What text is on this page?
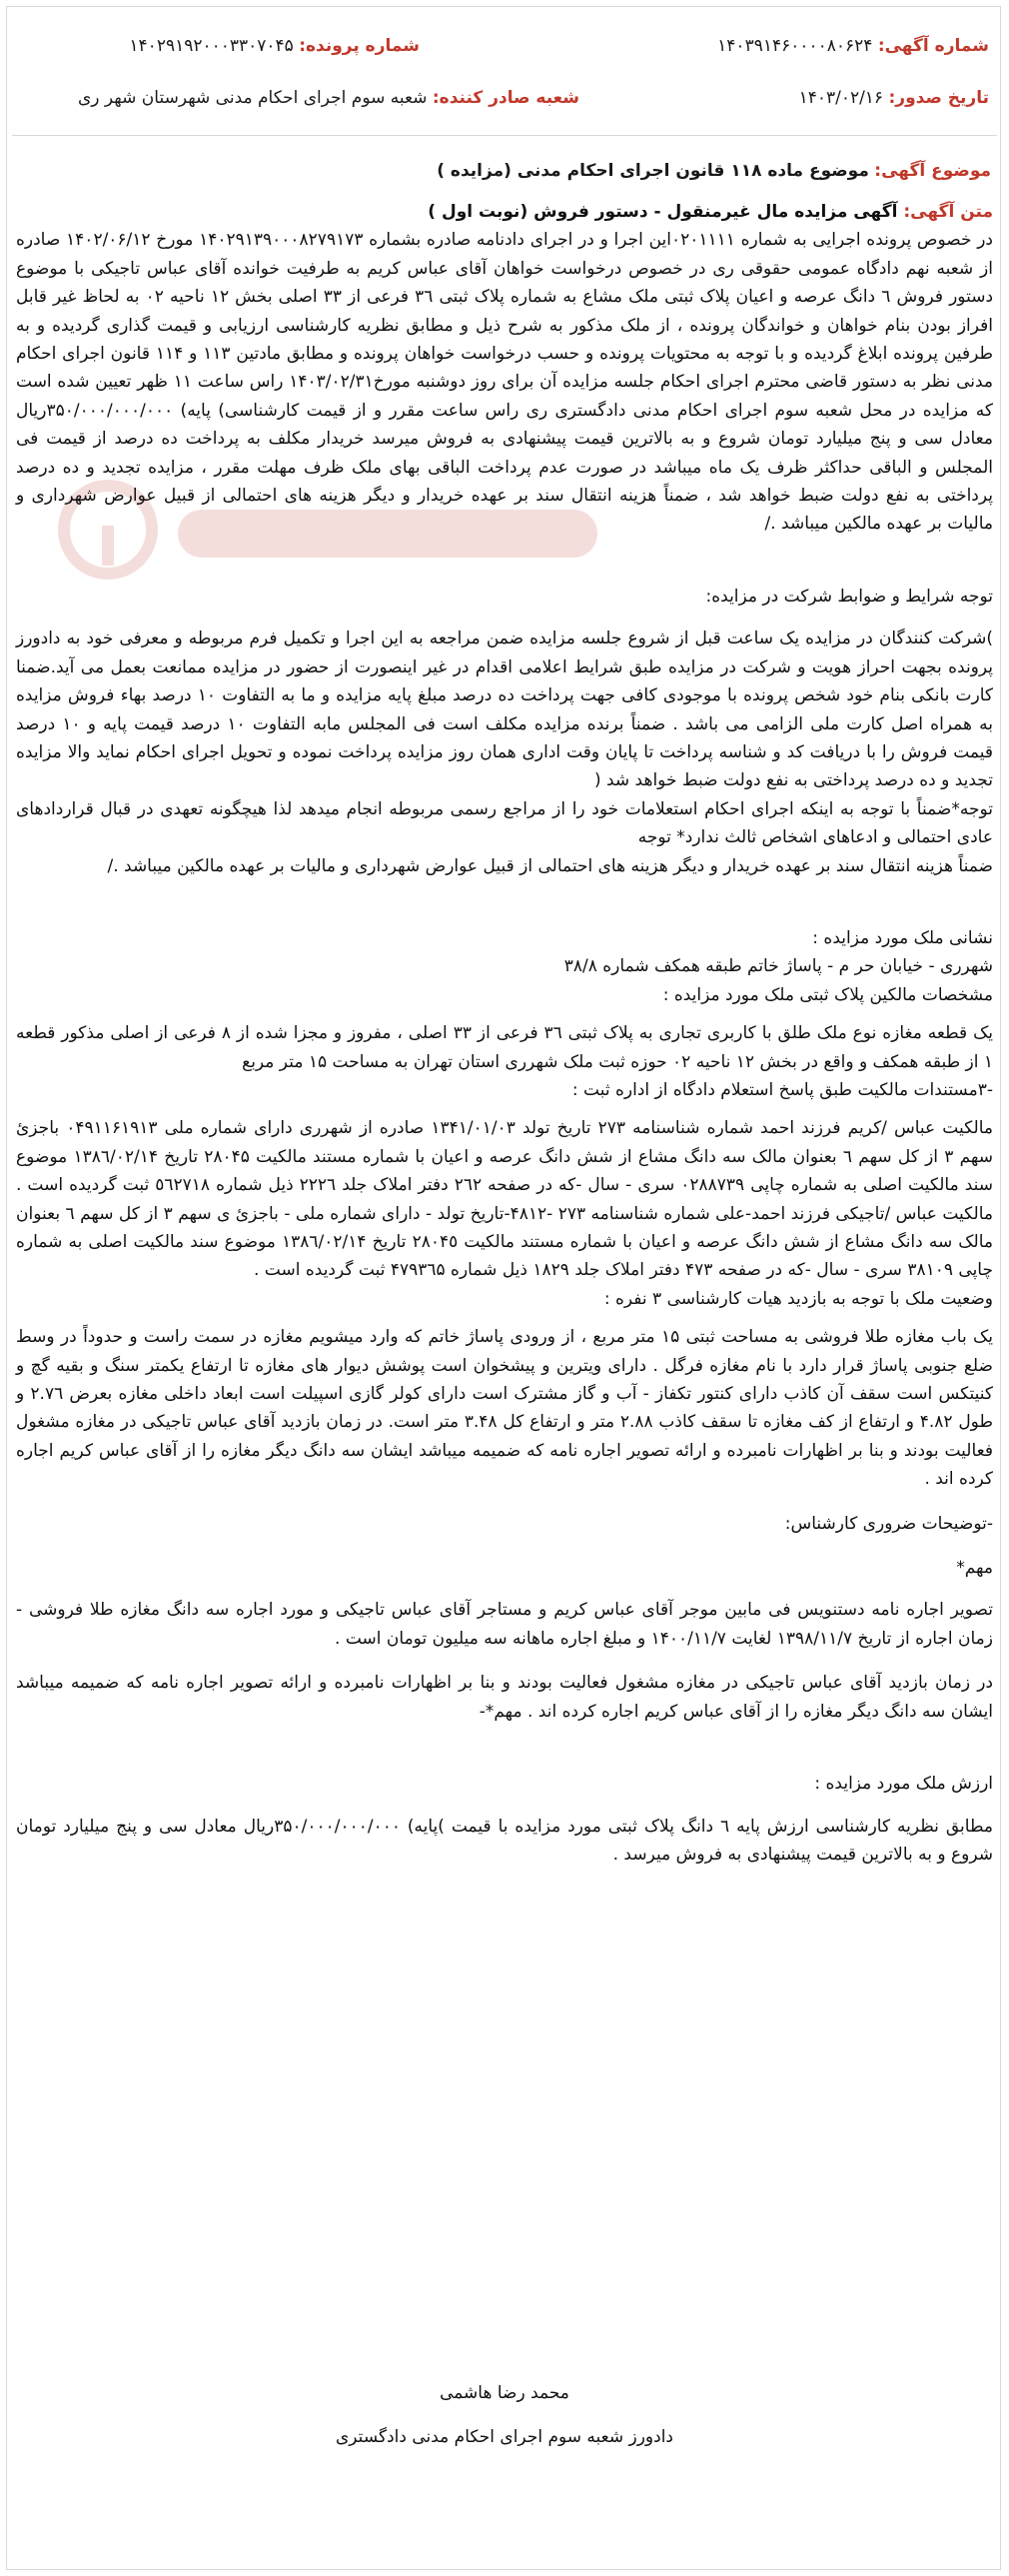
شماره آگهی: ۱۴۰۳۹۱۴۶۰۰۰۰۸۰۶۲۴
شماره پرونده: ۱۴۰۲۹۱۹۲۰۰۰۳۳۰۷۰۴۵
تاریخ صدور: ۱۴۰۳/۰۲/۱۶
شعبه صادر کننده: شعبه سوم اجرای احکام مدنی شهرستان شهر ری
موضوع آگهی: موضوع ماده ۱۱۸ قانون اجرای احکام مدنی (مزایده )

متن آگهی: آگهی مزایده مال غیرمنقول - دستور فروش (نوبت اول )

در خصوص پرونده اجرایی به شماره ۰۲۰۱۱۱۱این اجرا و در اجرای دادنامه صادره بشماره ۱۴۰۲۹۱۳۹۰۰۰۸۲۷۹۱۷۳ مورخ ۱۴۰۲/۰۶/۱۲ صادره از شعبه نهم دادگاه عمومی حقوقی ری در خصوص درخواست خواهان آقای عباس کریم به طرفیت خوانده آقای عباس تاجیکی با موضوع دستور فروش ٦ دانگ عرصه و اعیان پلاک ثبتی ملک مشاع به شماره پلاک ثبتی ۳٦ فرعی از ۳۳ اصلی بخش ۱۲ ناحیه ۰۲ به لحاظ غیر قابل افراز بودن بنام خواهان و خواندگان پرونده ، از ملک مذکور به شرح ذیل و مطابق نظریه کارشناسی ارزیابی و قیمت گذاری گردیده و به طرفین پرونده ابلاغ گردیده و با توجه به محتویات پرونده و حسب درخواست خواهان پرونده و مطابق مادتین ۱۱۳ و ۱۱۴ قانون اجرای احکام مدنی نظر به دستور قاضی محترم اجرای احکام جلسه مزایده آن برای روز دوشنبه مورخ۱۴۰۳/۰۲/۳۱ راس ساعت ۱۱ ظهر تعیین شده است که مزایده در محل شعبه سوم اجرای احکام مدنی دادگستری ری راس ساعت مقرر و از قیمت کارشناسی) پایه) ۳۵۰/۰۰۰/۰۰۰/۰۰۰ریال معادل سی و پنج میلیارد تومان شروع و به بالاترین قیمت پیشنهادی به فروش میرسد خریدار مکلف به پرداخت ده درصد از قیمت فی المجلس و الباقی حداکثر ظرف یک ماه میباشد در صورت عدم پرداخت الباقی بهای ملک ظرف مهلت مقرر ، مزایده تجدید و ده درصد پرداختی به نفع دولت ضبط خواهد شد ، ضمناً هزینه انتقال سند بر عهده خریدار و دیگر هزینه های احتمالی از قبیل عوارض شهرداری و مالیات بر عهده مالکین میباشد ./

توجه شرایط و ضوابط شرکت در مزایده:

)شرکت کنندگان در مزایده یک ساعت قبل از شروع جلسه مزایده ضمن مراجعه به این اجرا و تکمیل فرم مربوطه و معرفی خود به دادورز پرونده بجهت احراز هویت و شرکت در مزایده طبق شرایط اعلامی اقدام در غیر اینصورت از حضور در مزایده ممانعت بعمل می آید.ضمنا کارت بانکی بنام خود شخص پرونده با موجودی کافی جهت پرداخت ده درصد مبلغ پایه مزایده و ما به التفاوت ۱۰ درصد بهاء فروش مزایده به همراه اصل کارت ملی الزامی می باشد . ضمناً برنده مزایده مکلف است فی المجلس مابه التفاوت ۱۰ درصد قیمت پایه و ۱۰ درصد قیمت فروش را با دریافت کد و شناسه پرداخت تا پایان وقت اداری همان روز مزایده پرداخت نموده و تحویل اجرای احکام نماید والا مزایده تجدید و ده درصد پرداختی به نفع دولت ضبط خواهد شد (

توجه*ضمناً با توجه به اینکه اجرای احکام استعلامات خود را از مراجع رسمی مربوطه انجام میدهد لذا هیچگونه تعهدی در قبال قراردادهای عادی احتمالی و ادعاهای اشخاص ثالث ندارد* توجه

ضمناً هزینه انتقال سند بر عهده خریدار و دیگر هزینه های احتمالی از قبیل عوارض شهرداری و مالیات بر عهده مالکین میباشد ./

نشانی ملک مورد مزایده :

شهرری - خیابان حر م - پاساژ خاتم طبقه همکف شماره ۳۸/۸

مشخصات مالکین پلاک ثبتی ملک مورد مزایده :

یک قطعه مغازه نوع ملک طلق با کاربری تجاری به پلاک ثبتی ۳٦ فرعی از ۳۳ اصلی ، مفروز و مجزا شده از ۸ فرعی از اصلی مذکور قطعه ۱ از طبقه همکف و واقع در بخش ۱۲ ناحیه ۰۲ حوزه ثبت ملک شهرری استان تهران به مساحت ۱۵ متر مربع

-۳مستندات مالکیت طبق پاسخ استعلام دادگاه از اداره ثبت :

مالکیت عباس /کریم فرزند احمد شماره شناسنامه ۲۷۳ تاریخ تولد ۱۳۴۱/۰۱/۰۳ صادره از شهرری دارای شماره ملی ۰۴۹۱۱۶۱۹۱۳ باجزئ سهم ۳ از کل سهم ٦ بعنوان مالک سه دانگ مشاع از شش دانگ عرصه و اعیان با شماره مستند مالکیت ۲۸۰۴۵ تاریخ ۱۳۸٦/۰۲/۱۴ موضوع سند مالکیت اصلی به شماره چاپی ۰۲۸۸۷۳۹ سری - سال -که در صفحه ۲٦۲ دفتر املاک جلد ۲۲۲٦ ذیل شماره ٥٦۲۷۱۸ ثبت گردیده است . مالکیت عباس /تاجیکی فرزند احمد-علی شماره شناسنامه ۲۷۳ -۴۸۱۲-تاریخ تولد - دارای شماره ملی - باجزئ ی سهم ۳ از کل سهم ٦ بعنوان مالک سه دانگ مشاع از شش دانگ عرصه و اعیان با شماره مستند مالکیت ۲۸۰۴٥ تاریخ ۱۳۸٦/۰۲/۱۴ موضوع سند مالکیت اصلی به شماره چاپی ۳۸۱۰۹ سری - سال -که در صفحه ۴۷۳ دفتر املاک جلد ۱۸۲۹ ذیل شماره ۴۷۹۳٦۵ ثبت گردیده است .

وضعیت ملک با توجه به بازدید هیات کارشناسی ۳ نفره :

یک باب مغازه طلا فروشی به مساحت ثبتی ۱۵ متر مربع ، از ورودی پاساژ خاتم که وارد میشویم مغازه در سمت راست و حدوداً در وسط ضلع جنوبی پاساژ قرار دارد با نام مغازه فرگل . دارای ویترین و پیشخوان است پوشش دیوار های مغازه تا ارتفاع یکمتر سنگ و بقیه گچ و کنیتکس است سقف آن کاذب دارای کنتور تکفاز - آب و گاز مشترک است دارای کولر گازی اسپیلت است ابعاد داخلی مغازه بعرض ۲.۷٦ و طول ۴.۸۲ و ارتفاع از کف مغازه تا سقف کاذب ۲.۸۸ متر و ارتفاع کل ۳.۴۸ متر است. در زمان بازدید آقای عباس تاجیکی در مغازه مشغول فعالیت بودند و بنا بر اظهارات نامبرده و ارائه تصویر اجاره نامه که ضمیمه میباشد ایشان سه دانگ دیگر مغازه را از آقای عباس کریم اجاره کرده اند .

-توضیحات ضروری کارشناس:

مهم*

تصویر اجاره نامه دستنویس فی مابین موجر آقای عباس کریم و مستاجر آقای عباس تاجیکی و مورد اجاره سه دانگ مغازه طلا فروشی - زمان اجاره از تاریخ ۱۳۹۸/۱۱/۷ لغایت ۱۴۰۰/۱۱/۷ و مبلغ اجاره ماهانه سه میلیون تومان است .

در زمان بازدید آقای عباس تاجیکی در مغازه مشغول فعالیت بودند و بنا بر اظهارات نامبرده و ارائه تصویر اجاره نامه که ضمیمه میباشد ایشان سه دانگ دیگر مغازه را از آقای عباس کریم اجاره کرده اند . مهم*-

ارزش ملک مورد مزایده :

مطابق نظریه کارشناسی ارزش پایه ٦ دانگ پلاک ثبتی مورد مزایده با قیمت )پایه) ۳۵۰/۰۰۰/۰۰۰/۰۰۰ریال معادل سی و پنج میلیارد تومان شروع و به بالاترین قیمت پیشنهادی به فروش میرسد .

محمد رضا هاشمی
دادورز شعبه سوم اجرای احکام مدنی دادگستری
